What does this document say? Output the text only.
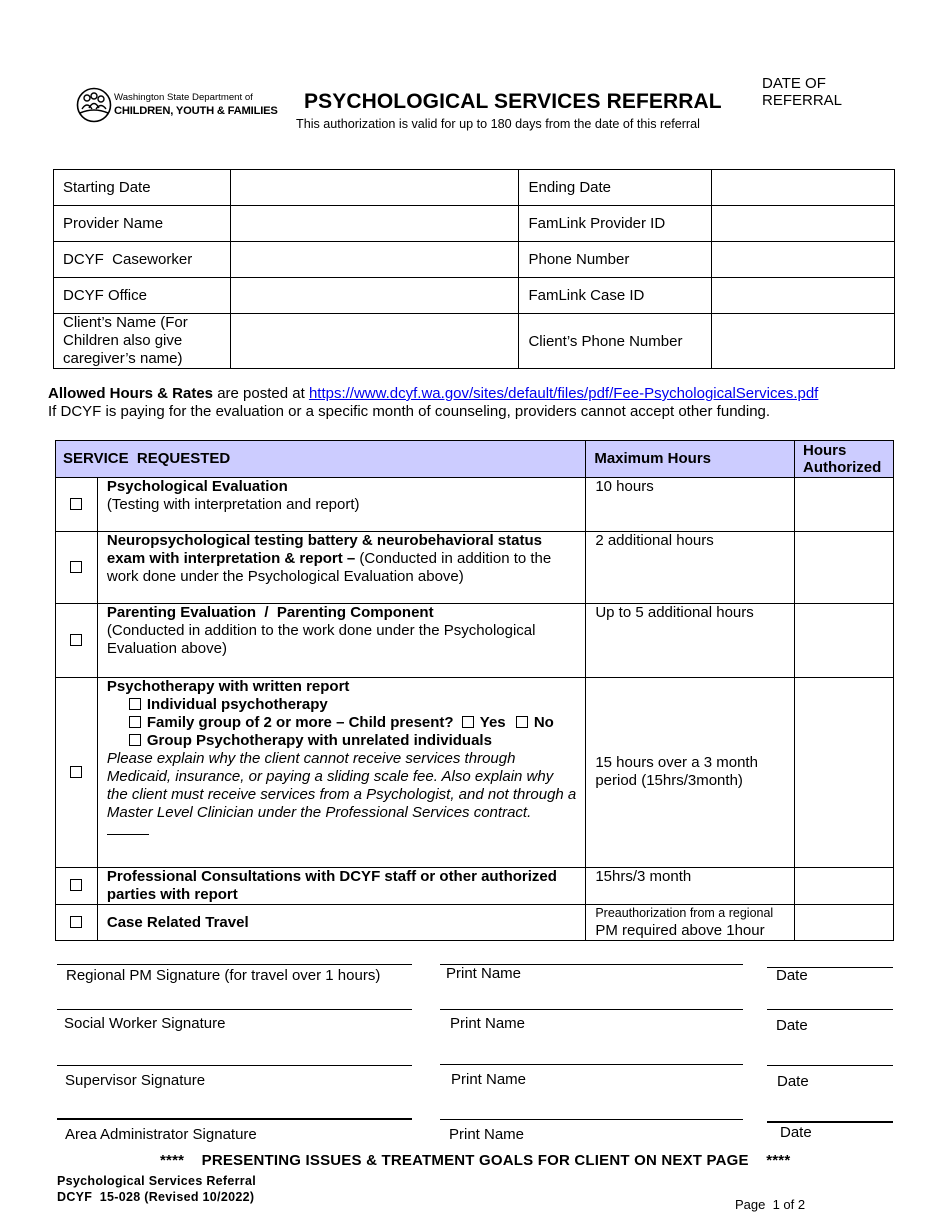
Washington State Department of
CHILDREN, YOUTH & FAMILIES PSYCHOLOGICAL SERVICES REFERRAL
This authorization is valid for up to 180 days from the date of this referral
DATE OF REFERRAL
Starting Date		Ending Date	
Provider Name		FamLink Provider ID	
DCYF  Caseworker		Phone Number	
DCYF Office		FamLink Case ID	
Client’s Name (For Children also give caregiver’s name)		Client’s Phone Number	
Allowed Hours & Rates are posted at https://www.dcyf.wa.gov/sites/default/files/pdf/Fee-PsychologicalServices.pdf
If DCYF is paying for the evaluation or a specific month of counseling, providers cannot accept other funding.
SERVICE  REQUESTED		Maximum Hours	Hours Authorized
	Psychological Evaluation
(Testing with interpretation and report)	10 hours	
	Neuropsychological testing battery & neurobehavioral status exam with interpretation & report – (Conducted in addition to the work done under the Psychological Evaluation above)	2 additional hours	
	Parenting Evaluation  /  Parenting Component
(Conducted in addition to the work done under the Psychological Evaluation above)	Up to 5 additional hours	
	Psychotherapy with written report
Individual psychotherapy
Family group of 2 or more – Child present? Yes No
Group Psychotherapy with unrelated individuals
Please explain why the client cannot receive services through Medicaid, insurance, or paying a sliding scale fee. Also explain why the client must receive services from a Psychologist, and not through a Master Level Clinician under the Professional Services contract.	15 hours over a 3 month period (15hrs/3month)	

	Professional Consultations with DCYF staff or other authorized parties with report	15hrs/3 month	
	Case Related Travel	Preauthorization from a regional
PM required above 1hour	

Regional PM Signature (for travel over 1 hours)	Print Name	Date
Social Worker Signature	Print Name	Date
Supervisor Signature	Print Name	Date
Area Administrator Signature	Print Name	Date
****    PRESENTING ISSUES & TREATMENT GOALS FOR CLIENT ON NEXT PAGE    ****
Psychological Services Referral
DCYF  15-028 (Revised 10/2022)	Page  1 of 2
